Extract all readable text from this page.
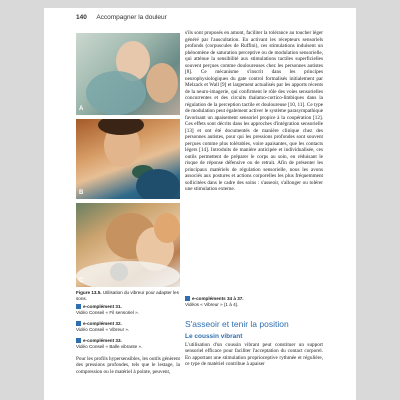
140 Accompagner la douleur
A
B
C
Figure 13.5. Utilisation du vibreur pour adapter les sons.
e-complément 31.
Vidéo Conseil « Fil sensoriel ».
e-complément 32.
Vidéo Conseil « Vibreur ».
e-complément 33.
Vidéo Conseil « Balle vibrante ».
Pour les profils hypersensibles, les outils génèrent des pressions profondes, tels que le lestage, la compression ou le matériel à pointe, peuvent,
s'ils sont proposés en amont, faciliter la tolérance au toucher léger généré par l'auscultation. En activant les récepteurs sensoriels profonds (corpuscules de Ruffini), ces stimulations induisent un phénomène de saturation perceptive ou de modulation sensorielle, qui atténue la sensibilité aux stimulations tactiles superficielles souvent perçues comme douloureuses chez les personnes autistes [8]. Ce mécanisme s'inscrit dans les principes neurophysiologiques du gate control formalisés initialement par Melzack et Wall [9] et largement actualisés par les apports récents de la neuro-imagerie, qui confirment le rôle des voies sensorielles concurrentes et des circuits thalamo-cortico-limbiques dans la régulation de la perception tactile et douloureuse [10, 11]. Ce type de modulation peut également activer le système parasympathique favorisant un apaisement sensoriel propice à la coopération [12]. Ces effets sont décrits dans les approches d'intégration sensorielle [13] et ont été documentés de manière clinique chez des personnes autistes, pour qui les pressions profondes sont souvent perçues comme plus tolérables, voire apaisantes, que les contacts légers [14]. Introduits de manière anticipée et individualisée, ces outils permettent de préparer le corps au soin, en réduisant le risque de réponse défensive ou de retrait. Afin de présenter les principaux matériels de régulation sensorielle, nous les avons associés aux postures et actions corporelles les plus fréquemment sollicitées dans le cadre des soins : s'asseoir, s'allonger ou tolérer une stimulation externe.
e-compléments 34 à 37.
Vidéos « Vibreur » (1 à 4).
S'asseoir et tenir la position
Le coussin vibrant
L'utilisation d'un coussin vibrant peut constituer un support sensoriel efficace pour faciliter l'acceptation du contact corporel. En apportant une stimulation proprioceptive rythmée et régulière, ce type de matériel contribue à apaiser
